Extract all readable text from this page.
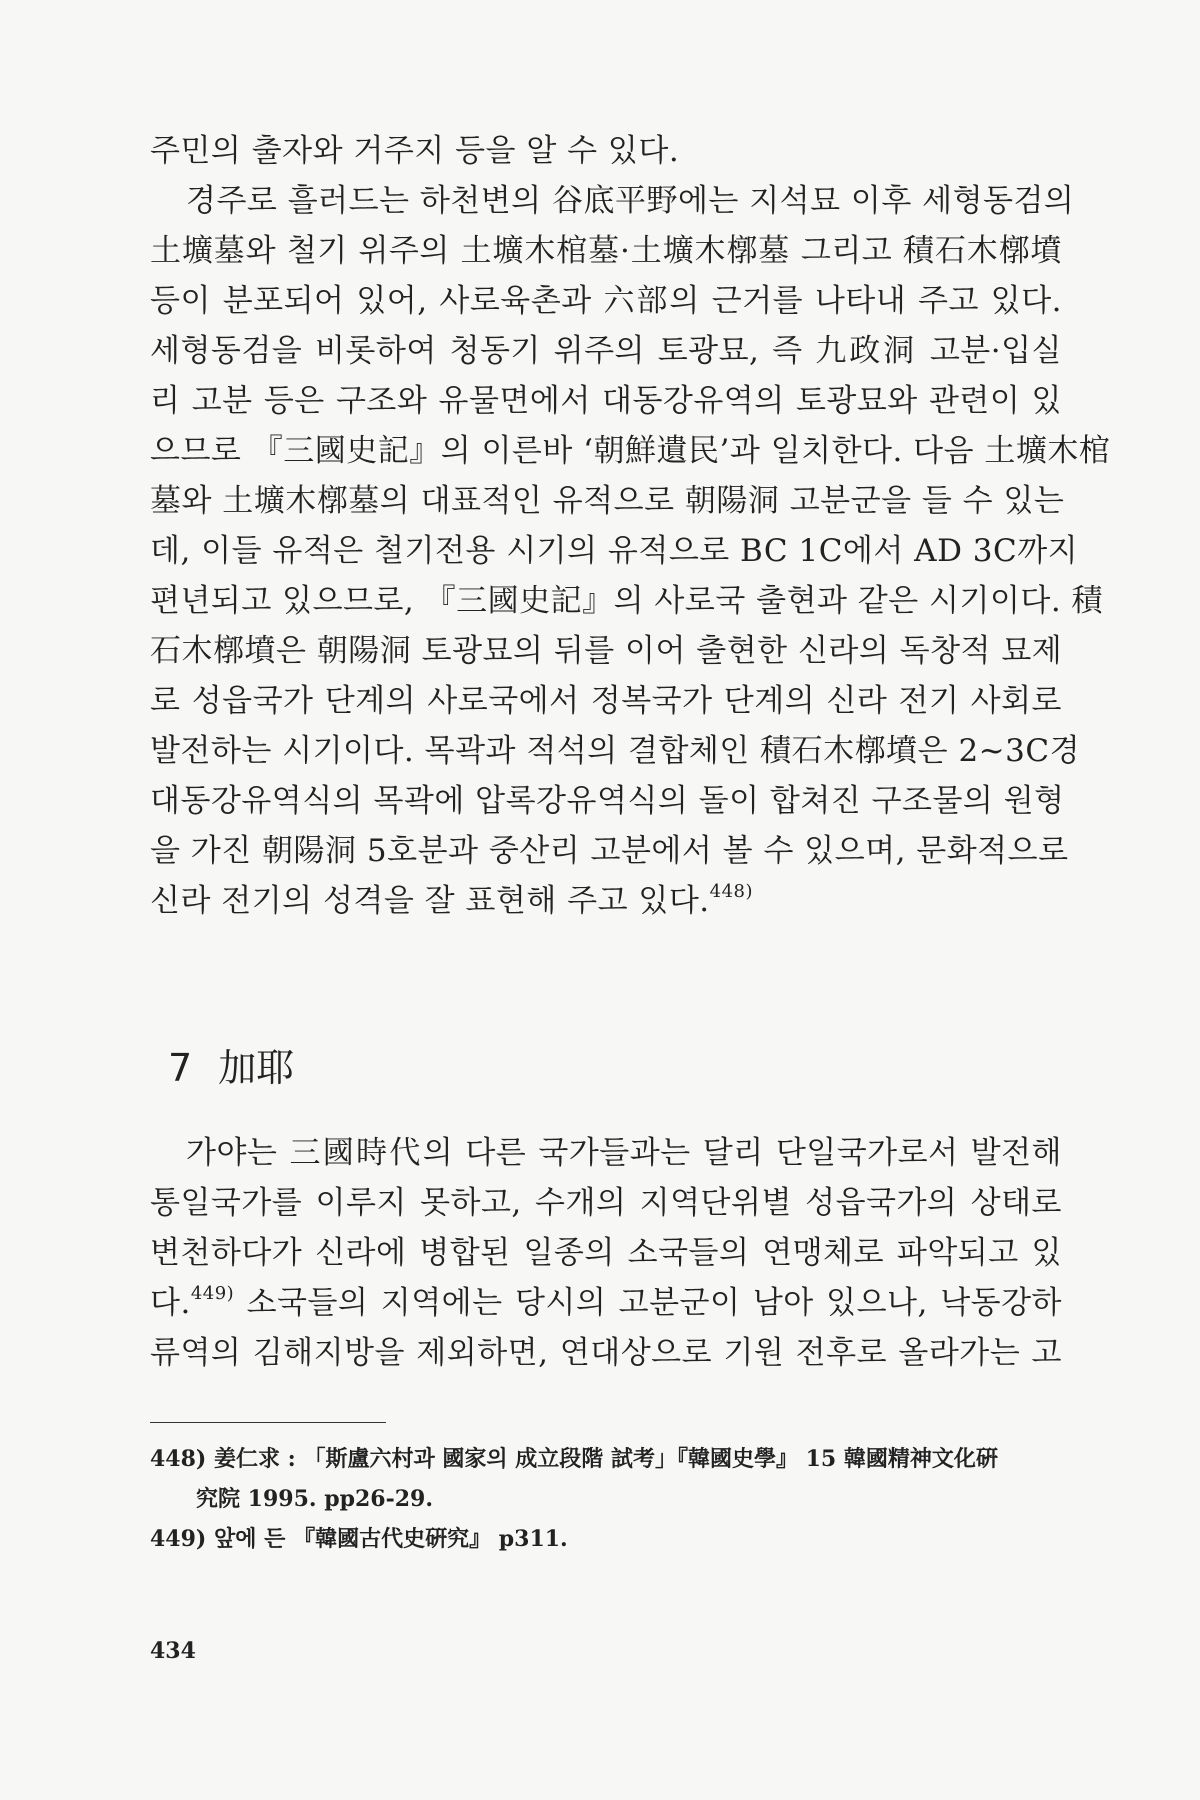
주민의 출자와 거주지 등을 알 수 있다.
경주로 흘러드는 하천변의 谷底平野에는 지석묘 이후 세형동검의
土壙墓와 철기 위주의 土壙木棺墓·土壙木槨墓 그리고 積石木槨墳
등이 분포되어 있어, 사로육촌과 六部의 근거를 나타내 주고 있다.
세형동검을 비롯하여 청동기 위주의 토광묘, 즉 九政洞 고분·입실
리 고분 등은 구조와 유물면에서 대동강유역의 토광묘와 관련이 있
으므로 『三國史記』의 이른바 ‘朝鮮遺民’과 일치한다. 다음 土壙木棺
墓와 土壙木槨墓의 대표적인 유적으로 朝陽洞 고분군을 들 수 있는
데, 이들 유적은 철기전용 시기의 유적으로 BC 1C에서 AD 3C까지
편년되고 있으므로, 『三國史記』의 사로국 출현과 같은 시기이다. 積
石木槨墳은 朝陽洞 토광묘의 뒤를 이어 출현한 신라의 독창적 묘제
로 성읍국가 단계의 사로국에서 정복국가 단계의 신라 전기 사회로
발전하는 시기이다. 목곽과 적석의 결합체인 積石木槨墳은 2~3C경
대동강유역식의 목곽에 압록강유역식의 돌이 합쳐진 구조물의 원형
을 가진 朝陽洞 5호분과 중산리 고분에서 볼 수 있으며, 문화적으로
신라 전기의 성격을 잘 표현해 주고 있다.$^{448)}$
7 加耶
가야는 三國時代의 다른 국가들과는 달리 단일국가로서 발전해
통일국가를 이루지 못하고, 수개의 지역단위별 성읍국가의 상태로
변천하다가 신라에 병합된 일종의 소국들의 연맹체로 파악되고 있
다.$^{449)}$ 소국들의 지역에는 당시의 고분군이 남아 있으나, 낙동강하
류역의 김해지방을 제외하면, 연대상으로 기원 전후로 올라가는 고
448) 姜仁求 : 「斯盧六村과 國家의 成立段階 試考」『韓國史學』 15 韓國精神文化硏
究院 1995. pp26-29.
449) 앞에 든 『韓國古代史硏究』 p311.
434
